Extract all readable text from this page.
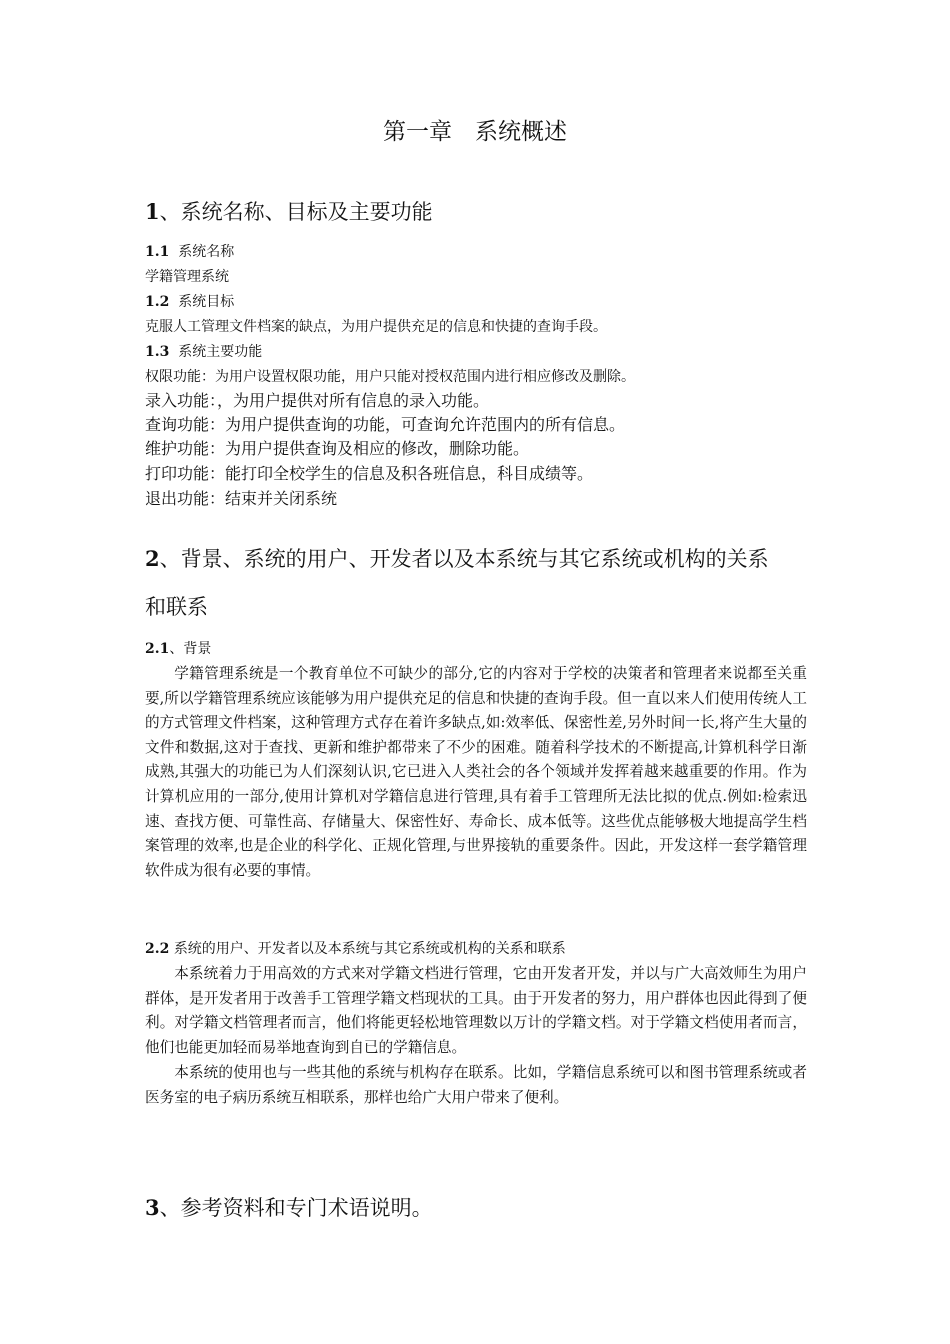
第一章　系统概述
1、系统名称、目标及主要功能
1.1 系统名称
学籍管理系统
1.2 系统目标
克服人工管理文件档案的缺点，为用户提供充足的信息和快捷的查询手段。
1.3 系统主要功能
权限功能：为用户设置权限功能，用户只能对授权范围内进行相应修改及删除。
录入功能：，为用户提供对所有信息的录入功能。
查询功能：为用户提供查询的功能，可查询允许范围内的所有信息。
维护功能：为用户提供查询及相应的修改，删除功能。
打印功能：能打印全校学生的信息及积各班信息，科目成绩等。
退出功能：结束并关闭系统
2、背景、系统的用户、开发者以及本系统与其它系统或机构的关系
和联系
2.1、背景
学籍管理系统是一个教育单位不可缺少的部分,它的内容对于学校的决策者和管理者来说都至关重要,所以学籍管理系统应该能够为用户提供充足的信息和快捷的查询手段。但一直以来人们使用传统人工的方式管理文件档案，这种管理方式存在着许多缺点,如:效率低、保密性差,另外时间一长,将产生大量的文件和数据,这对于查找、更新和维护都带来了不少的困难。随着科学技术的不断提高,计算机科学日渐成熟,其强大的功能已为人们深刻认识,它已进入人类社会的各个领域并发挥着越来越重要的作用。作为计算机应用的一部分,使用计算机对学籍信息进行管理,具有着手工管理所无法比拟的优点.例如:检索迅速、查找方便、可靠性高、存储量大、保密性好、寿命长、成本低等。这些优点能够极大地提高学生档案管理的效率,也是企业的科学化、正规化管理,与世界接轨的重要条件。因此，开发这样一套学籍管理软件成为很有必要的事情。
2.2 系统的用户、开发者以及本系统与其它系统或机构的关系和联系
本系统着力于用高效的方式来对学籍文档进行管理，它由开发者开发，并以与广大高效师生为用户群体，是开发者用于改善手工管理学籍文档现状的工具。由于开发者的努力，用户群体也因此得到了便利。对学籍文档管理者而言，他们将能更轻松地管理数以万计的学籍文档。对于学籍文档使用者而言，他们也能更加轻而易举地查询到自已的学籍信息。
本系统的使用也与一些其他的系统与机构存在联系。比如，学籍信息系统可以和图书管理系统或者医务室的电子病历系统互相联系，那样也给广大用户带来了便利。
3、参考资料和专门术语说明。
